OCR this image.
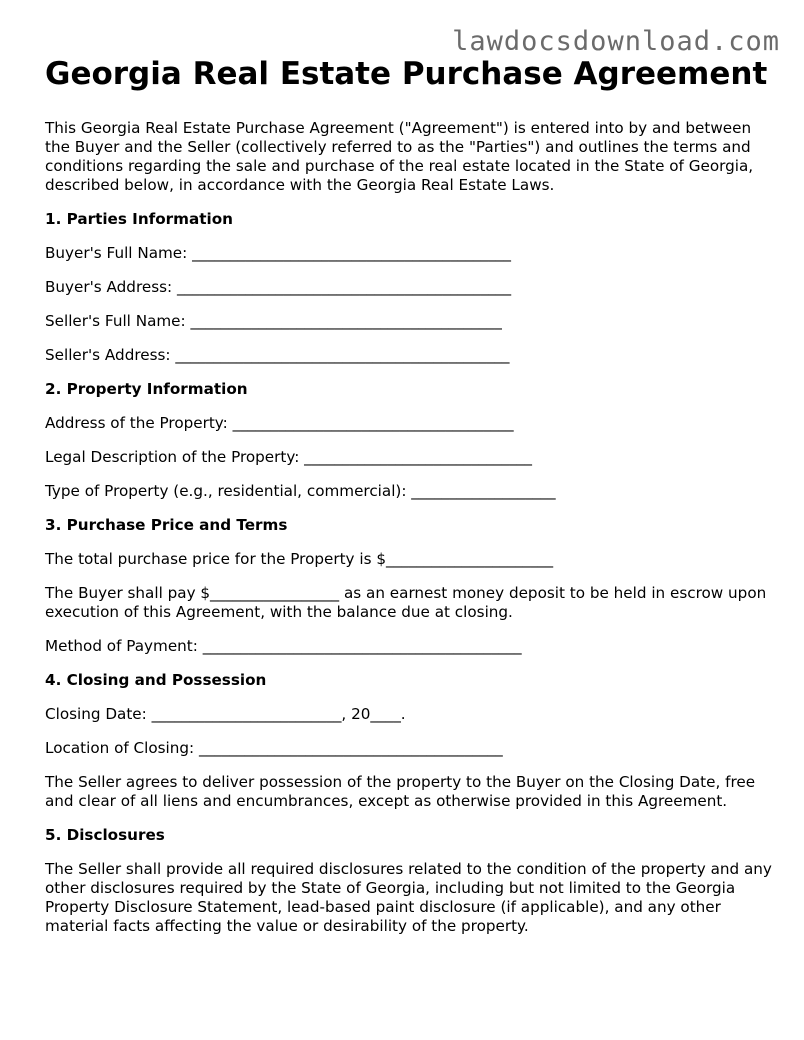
lawdocsdownload.com
Georgia Real Estate Purchase Agreement

This Georgia Real Estate Purchase Agreement ("Agreement") is entered into by and between the Buyer and the Seller (collectively referred to as the "Parties") and outlines the terms and conditions regarding the sale and purchase of the real estate located in the State of Georgia, described below, in accordance with the Georgia Real Estate Laws.

1. Parties Information

Buyer's Full Name: __________________________________________

Buyer's Address: ____________________________________________

Seller's Full Name: _________________________________________

Seller's Address: ____________________________________________

2. Property Information

Address of the Property: _____________________________________

Legal Description of the Property: ______________________________

Type of Property (e.g., residential, commercial): ___________________

3. Purchase Price and Terms

The total purchase price for the Property is $______________________

The Buyer shall pay $_________________ as an earnest money deposit to be held in escrow upon execution of this Agreement, with the balance due at closing.

Method of Payment: __________________________________________

4. Closing and Possession

Closing Date: _________________________, 20____.

Location of Closing: ________________________________________

The Seller agrees to deliver possession of the property to the Buyer on the Closing Date, free and clear of all liens and encumbrances, except as otherwise provided in this Agreement.

5. Disclosures

The Seller shall provide all required disclosures related to the condition of the property and any other disclosures required by the State of Georgia, including but not limited to the Georgia Property Disclosure Statement, lead-based paint disclosure (if applicable), and any other material facts affecting the value or desirability of the property.
